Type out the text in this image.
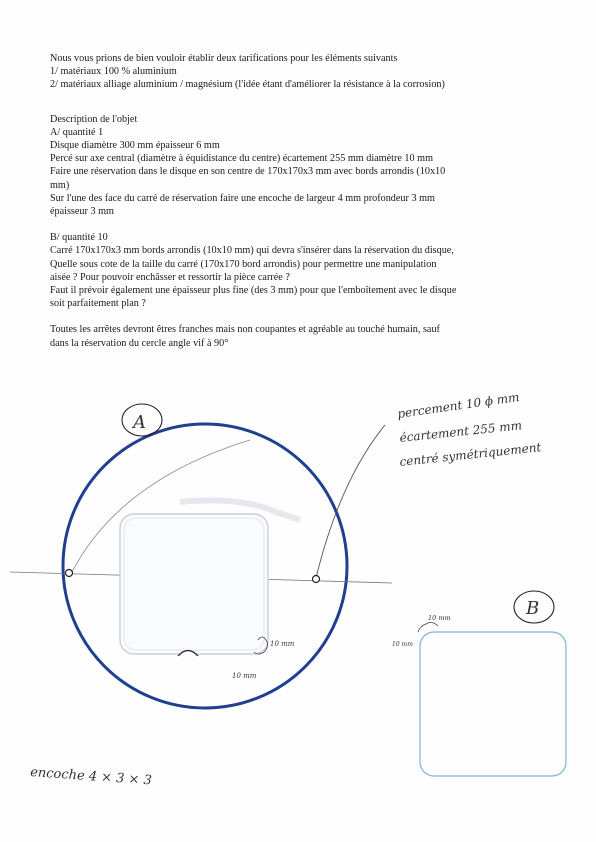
Nous vous prions de bien vouloir établir deux tarifications pour les éléments suivants
1/ matériaux 100 % aluminium
2/ matériaux alliage aluminium / magnésium (l'idée étant d'améliorer la résistance à la corrosion)
Description de l'objet
A/ quantité 1
Disque diamètre 300 mm épaisseur 6 mm
Percé sur axe central (diamètre à équidistance du centre) écartement 255 mm diamètre 10 mm
Faire une réservation dans le disque en son centre de 170x170x3 mm avec bords arrondis (10x10
mm)
Sur l'une des face du carré de réservation faire une encoche de largeur 4 mm profondeur 3 mm
épaisseur 3 mm
B/ quantité 10
Carré 170x170x3 mm bords arrondis (10x10 mm) qui devra s'insérer dans la réservation du disque,
Quelle sous cote de la taille du carré (170x170 bord arrondis) pour permettre une manipulation
aisée ? Pour pouvoir enchâsser et ressortir la pièce carrée ?
Faut il prévoir également une épaisseur plus fine (des 3 mm) pour que l'emboîtement avec le disque
soit parfaitement plan ?
Toutes les arrêtes devront êtres franches mais non coupantes et agréable au touché humain, sauf
dans la réservation du cercle angle vif à 90°
10 mm
10 mm
A
percement 10 ϕ mm
écartement 255 mm
centré symétriquement
B
10 mm
10 mm
encoche 4 × 3 × 3
